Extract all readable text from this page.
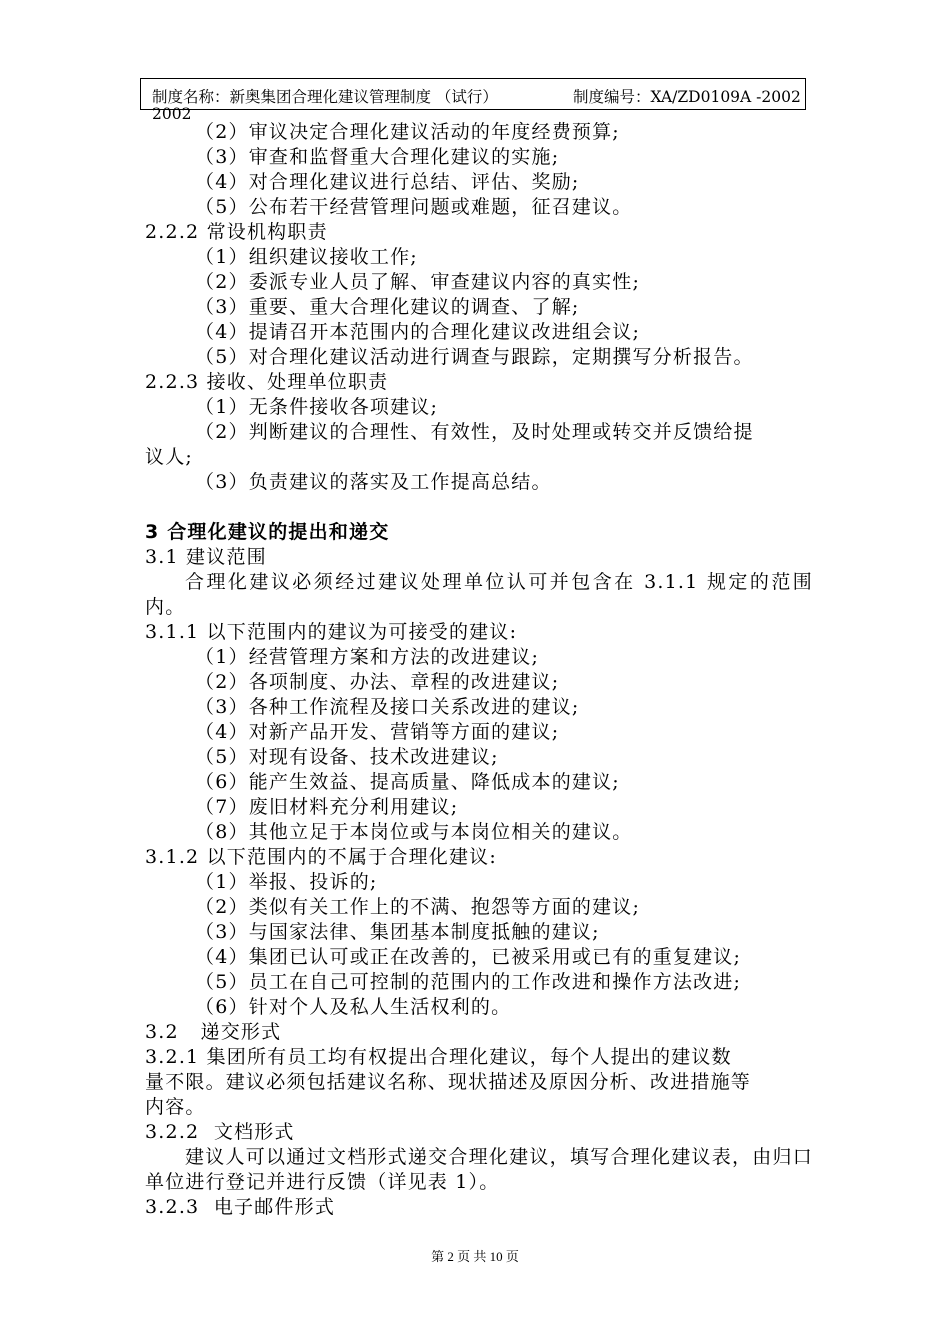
制度名称：新奥集团合理化建议管理制度 （试行）	制度编号：XA/ZD0109A -2002
2002
（2）审议决定合理化建议活动的年度经费预算;
（3）审查和监督重大合理化建议的实施;
（4）对合理化建议进行总结、评估、奖励;
（5）公布若干经营管理问题或难题，征召建议。
2.2.2 常设机构职责
（1）组织建议接收工作;
（2）委派专业人员了解、审查建议内容的真实性;
（3）重要、重大合理化建议的调查、了解;
（4）提请召开本范围内的合理化建议改进组会议;
（5）对合理化建议活动进行调查与跟踪，定期撰写分析报告。
2.2.3 接收、处理单位职责
（1）无条件接收各项建议;
（2）判断建议的合理性、有效性，及时处理或转交并反馈给提
议人;
（3）负责建议的落实及工作提高总结。
3 合理化建议的提出和递交
3.1 建议范围
合理化建议必须经过建议处理单位认可并包含在 3.1.1 规定的范围内。
3.1.1 以下范围内的建议为可接受的建议:
（1）经营管理方案和方法的改进建议;
（2）各项制度、办法、章程的改进建议;
（3）各种工作流程及接口关系改进的建议;
（4）对新产品开发、营销等方面的建议;
（5）对现有设备、技术改进建议;
（6）能产生效益、提高质量、降低成本的建议;
（7）废旧材料充分利用建议;
（8）其他立足于本岗位或与本岗位相关的建议。
3.1.2 以下范围内的不属于合理化建议:
（1）举报、投诉的;
（2）类似有关工作上的不满、抱怨等方面的建议;
（3）与国家法律、集团基本制度抵触的建议;
（4）集团已认可或正在改善的，已被采用或已有的重复建议;
（5）员工在自己可控制的范围内的工作改进和操作方法改进;
（6）针对个人及私人生活权利的。
3.2   递交形式
3.2.1 集团所有员工均有权提出合理化建议，每个人提出的建议数
量不限。建议必须包括建议名称、现状描述及原因分析、改进措施等
内容。
3.2.2  文档形式
建议人可以通过文档形式递交合理化建议，填写合理化建议表，由归口单位进行登记并进行反馈（详见表 1）。
3.2.3  电子邮件形式
第 2 页 共 10 页
